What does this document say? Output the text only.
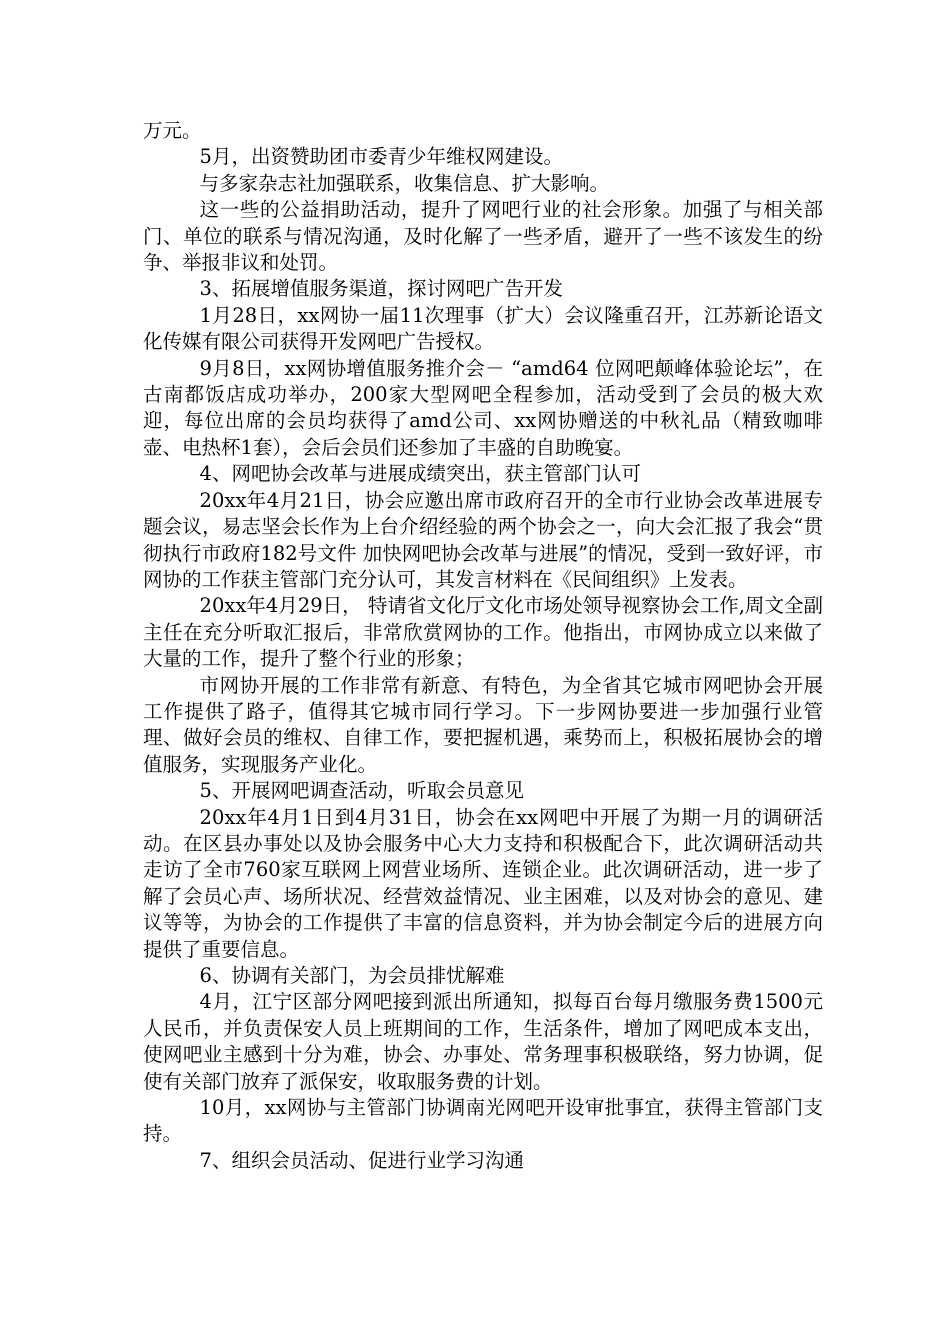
万元。

5月，出资赞助团市委青少年维权网建设。

与多家杂志社加强联系，收集信息、扩大影响。

这一些的公益捐助活动，提升了网吧行业的社会形象。加强了与相关部门、单位的联系与情况沟通，及时化解了一些矛盾，避开了一些不该发生的纷争、举报非议和处罚。

3、拓展增值服务渠道，探讨网吧广告开发

1月28日，xx网协一届11次理事（扩大）会议隆重召开，江苏新论语文化传媒有限公司获得开发网吧广告授权。

9月8日，xx网协增值服务推介会－ “amd64 位网吧颠峰体验论坛”，在古南都饭店成功举办，200家大型网吧全程参加，活动受到了会员的极大欢迎，每位出席的会员均获得了amd公司、xx网协赠送的中秋礼品（精致咖啡壶、电热杯1套），会后会员们还参加了丰盛的自助晚宴。

4、网吧协会改革与进展成绩突出，获主管部门认可

20xx年4月21日，协会应邀出席市政府召开的全市行业协会改革进展专题会议，易志坚会长作为上台介绍经验的两个协会之一，向大会汇报了我会“贯彻执行市政府182号文件 加快网吧协会改革与进展”的情况，受到一致好评，市网协的工作获主管部门充分认可，其发言材料在《民间组织》上发表。

20xx年4月29日， 特请省文化厅文化市场处领导视察协会工作,周文全副主任在充分听取汇报后，非常欣赏网协的工作。他指出，市网协成立以来做了大量的工作，提升了整个行业的形象；

市网协开展的工作非常有新意、有特色，为全省其它城市网吧协会开展工作提供了路子，值得其它城市同行学习。下一步网协要进一步加强行业管理、做好会员的维权、自律工作，要把握机遇，乘势而上，积极拓展协会的增值服务，实现服务产业化。

5、开展网吧调查活动，听取会员意见

20xx年4月1日到4月31日，协会在xx网吧中开展了为期一月的调研活动。在区县办事处以及协会服务中心大力支持和积极配合下，此次调研活动共走访了全市760家互联网上网营业场所、连锁企业。此次调研活动，进一步了解了会员心声、场所状况、经营效益情况、业主困难，以及对协会的意见、建议等等，为协会的工作提供了丰富的信息资料，并为协会制定今后的进展方向提供了重要信息。

6、协调有关部门，为会员排忧解难

4月，江宁区部分网吧接到派出所通知，拟每百台每月缴服务费1500元人民币，并负责保安人员上班期间的工作，生活条件，增加了网吧成本支出，使网吧业主感到十分为难，协会、办事处、常务理事积极联络，努力协调，促使有关部门放弃了派保安，收取服务费的计划。

10月，xx网协与主管部门协调南光网吧开设审批事宜，获得主管部门支持。

7、组织会员活动、促进行业学习沟通
